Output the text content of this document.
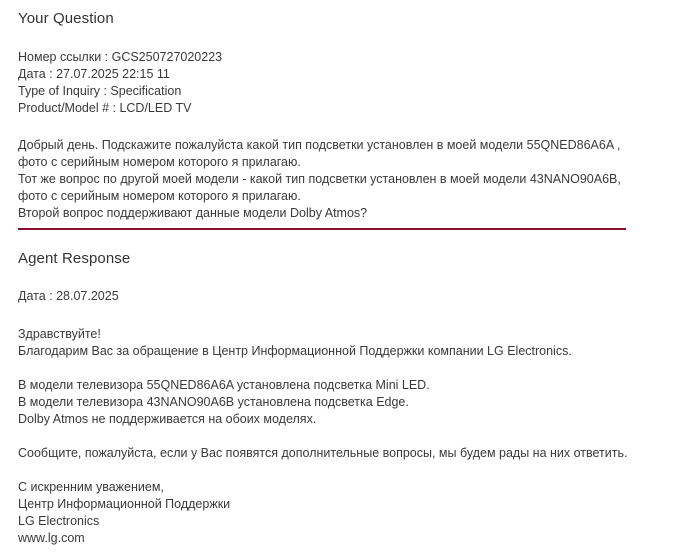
Your Question
Номер ссылки : GCS250727020223
Дата : 27.07.2025 22:15 11
Type of Inquiry : Specification
Product/Model # : LCD/LED TV

Добрый день. Подскажите пожалуйста какой тип подсветки установлен в моей модели 55QNED86A6A , фото с серийным номером которого я прилагаю.

Тот же вопрос по другой моей модели - какой тип подсветки установлен в моей модели 43NANO90A6B, фото с серийным номером которого я прилагаю.

Второй вопрос поддерживают данные модели Dolby Atmos?

Agent Response
Дата : 28.07.2025

Здравствуйте!

Благодарим Вас за обращение в Центр Информационной Поддержки компании LG Electronics.

В модели телевизора 55QNED86A6A установлена подсветка Mini LED.

В модели телевизора 43NANO90A6B установлена подсветка Edge.

Dolby Atmos не поддерживается на обоих моделях.

Сообщите, пожалуйста, если у Вас появятся дополнительные вопросы, мы будем рады на них ответить.

С искренним уважением,

Центр Информационной Поддержки

LG Electronics

www.lg.com
